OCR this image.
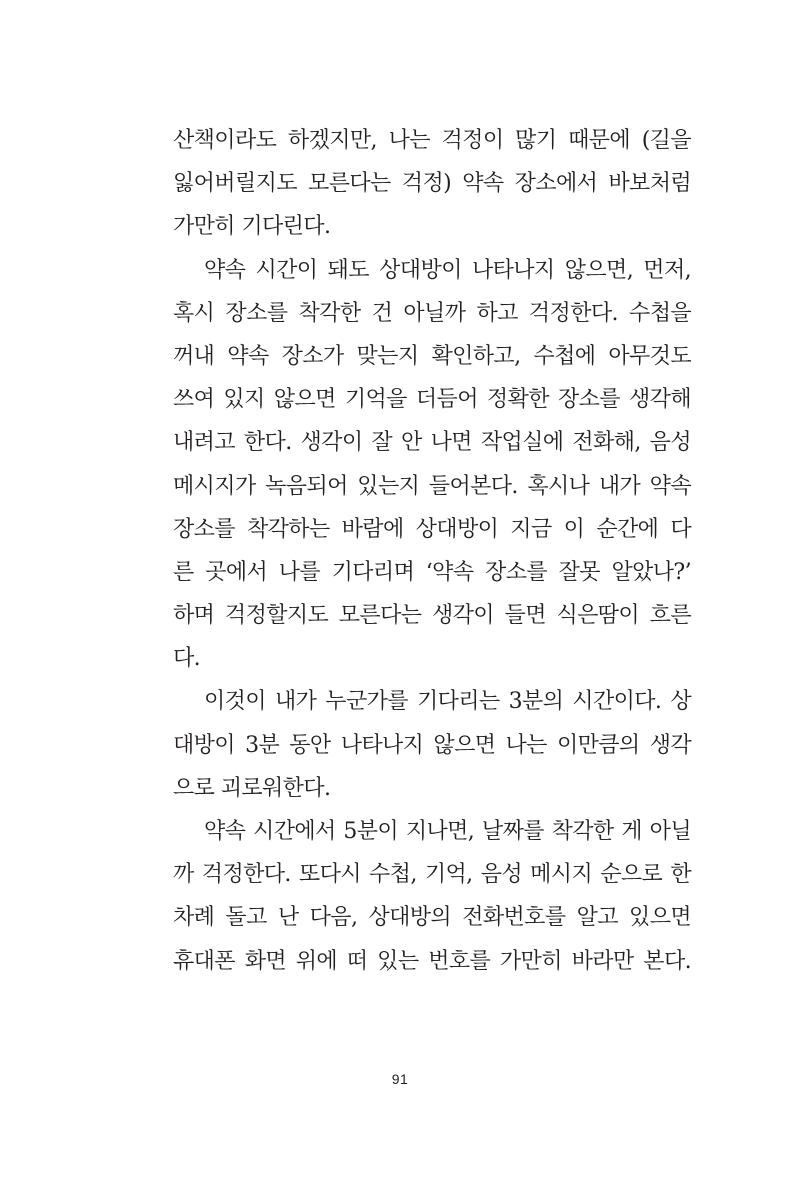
산책이라도 하겠지만, 나는 걱정이 많기 때문에 (길을
잃어버릴지도 모른다는 걱정) 약속 장소에서 바보처럼
가만히 기다린다.
약속 시간이 돼도 상대방이 나타나지 않으면, 먼저,
혹시 장소를 착각한 건 아닐까 하고 걱정한다. 수첩을
꺼내 약속 장소가 맞는지 확인하고, 수첩에 아무것도
쓰여 있지 않으면 기억을 더듬어 정확한 장소를 생각해
내려고 한다. 생각이 잘 안 나면 작업실에 전화해, 음성
메시지가 녹음되어 있는지 들어본다. 혹시나 내가 약속
장소를 착각하는 바람에 상대방이 지금 이 순간에 다
른 곳에서 나를 기다리며 ‘약속 장소를 잘못 알았나?’
하며 걱정할지도 모른다는 생각이 들면 식은땀이 흐른
다.
이것이 내가 누군가를 기다리는 3분의 시간이다. 상
대방이 3분 동안 나타나지 않으면 나는 이만큼의 생각
으로 괴로워한다.
약속 시간에서 5분이 지나면, 날짜를 착각한 게 아닐
까 걱정한다. 또다시 수첩, 기억, 음성 메시지 순으로 한
차례 돌고 난 다음, 상대방의 전화번호를 알고 있으면
휴대폰 화면 위에 떠 있는 번호를 가만히 바라만 본다.
91
